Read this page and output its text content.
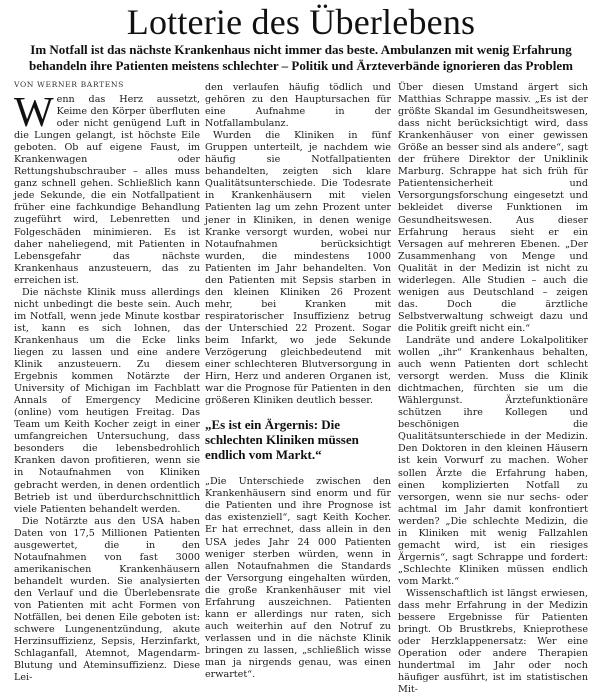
Lotterie des Überlebens
Im Notfall ist das nächste Krankenhaus nicht immer das beste. Ambulanzen mit wenig Erfahrung behandeln ihre Patienten meistens schlechter – Politik und Ärzteverbände ignorieren das Problem
VON WERNER BARTENS

Wenn das Herz aussetzt, Keime den Körper überfluten oder nicht genügend Luft in die Lungen gelangt, ist höchste Eile geboten. Ob auf eigene Faust, im Krankenwagen oder Rettungshubschrauber – alles muss ganz schnell gehen. Schließlich kann jede Sekunde, die ein Notfallpatient früher eine fachkundige Behandlung zugeführt wird, Lebenretten und Folgeschäden minimieren. Es ist daher naheliegend, mit Patienten in Lebensgefahr das nächste Krankenhaus anzusteuern, das zu erreichen ist.

Die nächste Klinik muss allerdings nicht unbedingt die beste sein. Auch im Notfall, wenn jede Minute kostbar ist, kann es sich lohnen, das Krankenhaus um die Ecke links liegen zu lassen und eine andere Klinik anzusteuern. Zu diesem Ergebnis kommen Notärzte der University of Michigan im Fachblatt Annals of Emergency Medicine (online) vom heutigen Freitag. Das Team um Keith Kocher zeigt in einer umfangreichen Untersuchung, dass besonders die lebensbedrohlich Kranken davon profitieren, wenn sie in Notaufnahmen von Kliniken gebracht werden, in denen ordentlich Betrieb ist und überdurchschnittlich viele Patienten behandelt werden.

Die Notärzte aus den USA haben Daten von 17,5 Millionen Patienten ausgewertet, die in den Notaufnahmen von fast 3000 amerikanischen Krankenhäusern behandelt wurden. Sie analysierten den Verlauf und die Überlebensrate von Patienten mit acht Formen von Notfällen, bei denen Eile geboten ist: schwere Lungenentzündung, akute Herzinsuffizienz, Sepsis, Herzinfarkt, Schlaganfall, Atemnot, Magendarm-Blutung und Ateminsuffizienz. Diese Lei-

den verlaufen häufig tödlich und gehören zu den Hauptursachen für eine Aufnahme in der Notfallambulanz.

Wurden die Kliniken in fünf Gruppen unterteilt, je nachdem wie häufig sie Notfallpatienten behandelten, zeigten sich klare Qualitätsunterschiede. Die Todesrate in Krankenhäusern mit vielen Patienten lag um zehn Prozent unter jener in Kliniken, in denen wenige Kranke versorgt wurden, wobei nur Notaufnahmen berücksichtigt wurden, die mindestens 1000 Patienten im Jahr behandelten. Von den Patienten mit Sepsis starben in den kleinen Kliniken 26 Prozent mehr, bei Kranken mit respiratorischer Insuffizienz betrug der Unterschied 22 Prozent. Sogar beim Infarkt, wo jede Sekunde Verzögerung gleichbedeutend mit einer schlechteren Blutversorgung in Hirn, Herz und anderen Organen ist, war die Prognose für Patienten in den größeren Kliniken deutlich besser.

„Es ist ein Ärgernis: Die schlechten Kliniken müssen endlich vom Markt.“

„Die Unterschiede zwischen den Krankenhäusern sind enorm und für die Patienten und ihre Prognose ist das existenziell“, sagt Keith Kocher. Er hat errechnet, dass allein in den USA jedes Jahr 24 000 Patienten weniger sterben würden, wenn in allen Notaufnahmen die Standards der Versorgung eingehalten würden, die große Krankenhäuser mit viel Erfahrung auszeichnen. Patienten kann er allerdings nur raten, sich auch weiterhin auf den Notruf zu verlassen und in die nächste Klinik bringen zu lassen, „schließlich wisse man ja nirgends genau, was einen erwartet“.

Über diesen Umstand ärgert sich Matthias Schrappe massiv. „Es ist der größte Skandal im Gesundheitswesen, dass nicht berücksichtigt wird, dass Krankenhäuser von einer gewissen Größe an besser sind als andere“, sagt der frühere Direktor der Uniklinik Marburg. Schrappe hat sich früh für Patientensicherheit und Versorgungsforschung eingesetzt und bekleidet diverse Funktionen im Gesundheitswesen. Aus dieser Erfahrung heraus sieht er ein Versagen auf mehreren Ebenen. „Der Zusammenhang von Menge und Qualität in der Medizin ist nicht zu widerlegen. Alle Studien – auch die wenigen aus Deutschland – zeigen das. Doch die ärztliche Selbstverwaltung schweigt dazu und die Politik greift nicht ein.“

Landräte und andere Lokalpolitiker wollen „ihr“ Krankenhaus behalten, auch wenn Patienten dort schlecht versorgt werden. Muss die Klinik dichtmachen, fürchten sie um die Wählergunst. Ärztefunktionäre schützen ihre Kollegen und beschönigen die Qualitätsunterschiede in der Medizin. Den Doktoren in den kleinen Häusern ist kein Vorwurf zu machen. Woher sollen Ärzte die Erfahrung haben, einen komplizierten Notfall zu versorgen, wenn sie nur sechs- oder achtmal im Jahr damit konfrontiert werden? „Die schlechte Medizin, die in Kliniken mit wenig Fallzahlen gemacht wird, ist ein riesiges Ärgernis“, sagt Schrappe und fordert: „Schlechte Kliniken müssen endlich vom Markt.“

Wissenschaftlich ist längst erwiesen, dass mehr Erfahrung in der Medizin bessere Ergebnisse für Patienten bringt. Ob Brustkrebs, Knieprothese oder Herzklappenersatz: Wer eine Operation oder andere Therapien hundertmal im Jahr oder noch häufiger ausführt, ist im statistischen Mit-
